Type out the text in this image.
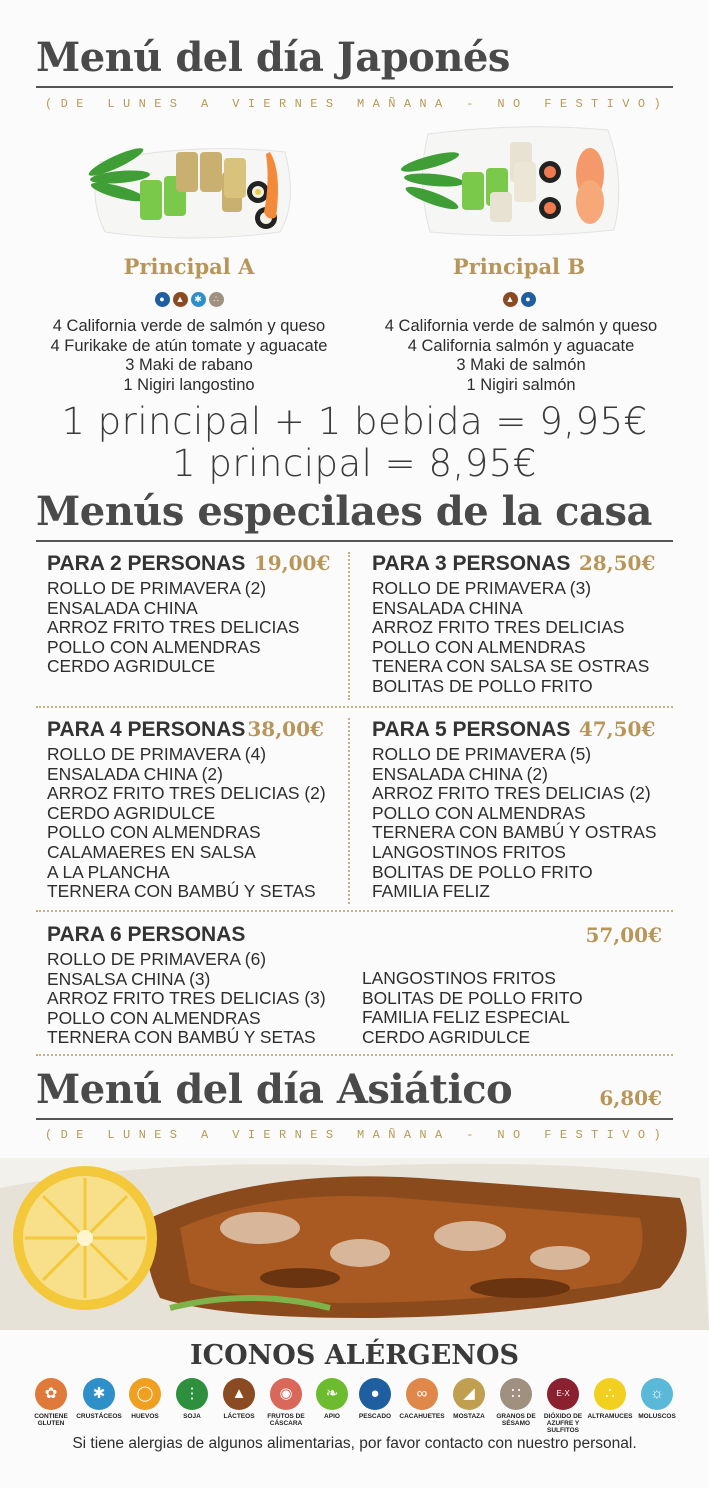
Menú del día Japonés
(DE LUNES A VIERNES MAÑANA - NO FESTIVO)
Principal A
● ▲ ✱ ∴
4 California verde de salmón y queso
4 Furikake de atún tomate y aguacate
3 Maki de rabano
1 Nigiri langostino
Principal B
▲ ●
4 California verde de salmón y queso
4 California salmón y aguacate
3 Maki de salmón
1 Nigiri salmón
1 principal + 1 bebida = 9,95€
1 principal = 8,95€
Menús especilaes de la casa
PARA 2 PERSONAS 19,00€
ROLLO DE PRIMAVERA (2)
ENSALADA CHINA
ARROZ FRITO TRES DELICIAS
POLLO CON ALMENDRAS
CERDO AGRIDULCE
PARA 3 PERSONAS 28,50€
ROLLO DE PRIMAVERA (3)
ENSALADA CHINA
ARROZ FRITO TRES DELICIAS
POLLO CON ALMENDRAS
TENERA CON SALSA SE OSTRAS
BOLITAS DE POLLO FRITO
PARA 4 PERSONAS 38,00€
ROLLO DE PRIMAVERA (4)
ENSALADA CHINA (2)
ARROZ FRITO TRES DELICIAS (2)
CERDO AGRIDULCE
POLLO CON ALMENDRAS
CALAMAERES EN SALSA
A LA PLANCHA
TERNERA CON BAMBÚ Y SETAS
PARA 5 PERSONAS 47,50€
ROLLO DE PRIMAVERA (5)
ENSALADA CHINA (2)
ARROZ FRITO TRES DELICIAS (2)
POLLO CON ALMENDRAS
TERNERA CON BAMBÚ Y OSTRAS
LANGOSTINOS FRITOS
BOLITAS DE POLLO FRITO
FAMILIA FELIZ
PARA 6 PERSONAS	57,00€
ROLLO DE PRIMAVERA (6)
ENSALSA CHINA (3)
ARROZ FRITO TRES DELICIAS (3)
POLLO CON ALMENDRAS
TERNERA CON BAMBÚ Y SETAS
LANGOSTINOS FRITOS
BOLITAS DE POLLO FRITO
FAMILIA FELIZ ESPECIAL
CERDO AGRIDULCE
Menú del día Asiático	6,80€
(DE LUNES A VIERNES MAÑANA - NO FESTIVO)
ICONOS ALÉRGENOS
✿
CONTIENE GLUTEN
✱
CRUSTÁCEOS
◯
HUEVOS
⋮
SOJA
▲
LÁCTEOS
◉
FRUTOS DE CÁSCARA
❧
APIO
●
PESCADO
∞
CACAHUETES
◢
MOSTAZA
∷
GRANOS DE SÉSAMO
E-X
DIÓXIDO DE AZUFRE Y SULFITOS
∴
ALTRAMUCES
☼
MOLUSCOS
Si tiene alergias de algunos alimentarias, por favor contacto con nuestro personal.
